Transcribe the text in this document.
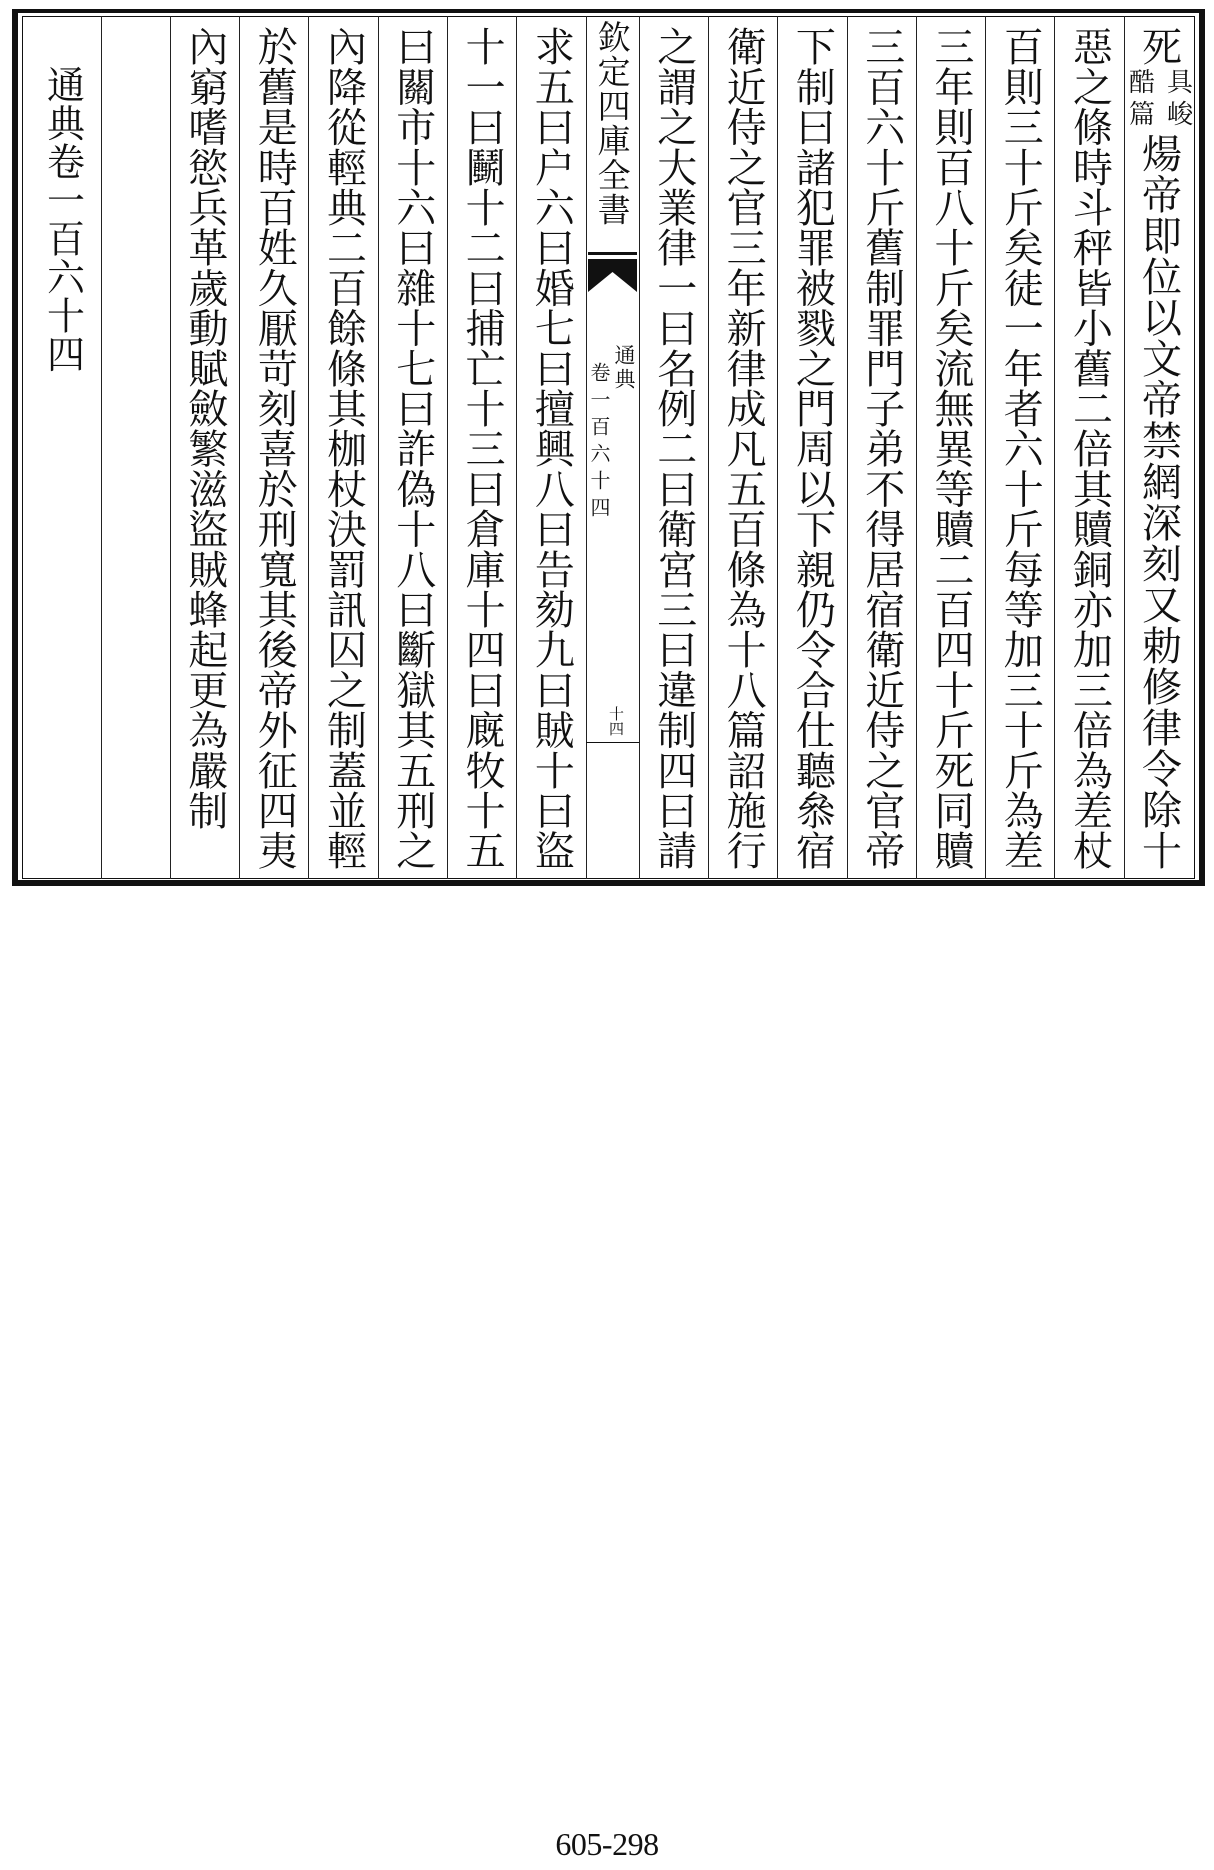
死
具峻
酷篇
煬帝即位以文帝禁網深刻又勅修律令除十
惡之條時斗秤皆小舊二倍其贖銅亦加三倍為差杖
百則三十斤矣徒一年者六十斤每等加三十斤為差
三年則百八十斤矣流無異等贖二百四十斤死同贖
三百六十斤舊制罪門子弟不得居宿衛近侍之官帝
下制曰諸犯罪被戮之門周以下親仍令合仕聽叅宿
衛近侍之官三年新律成凡五百條為十八篇詔施行
之謂之大業律一曰名例二曰衛宮三曰違制四曰請
欽定四庫全書
通典
卷一百六十四
十四
求五曰户六曰婚七曰擅興八曰告劾九曰賊十曰盜
十一曰鬭十二曰捕亡十三曰倉庫十四曰廐牧十五
曰關市十六曰雜十七曰詐偽十八曰斷獄其五刑之
內降從輕典二百餘條其枷杖決罰訊囚之制蓋並輕
於舊是時百姓久厭苛刻喜於刑寬其後帝外征四夷
內窮嗜慾兵革歲動賦斂繁滋盜賊蜂起更為嚴制
通典卷一百六十四
605-298
